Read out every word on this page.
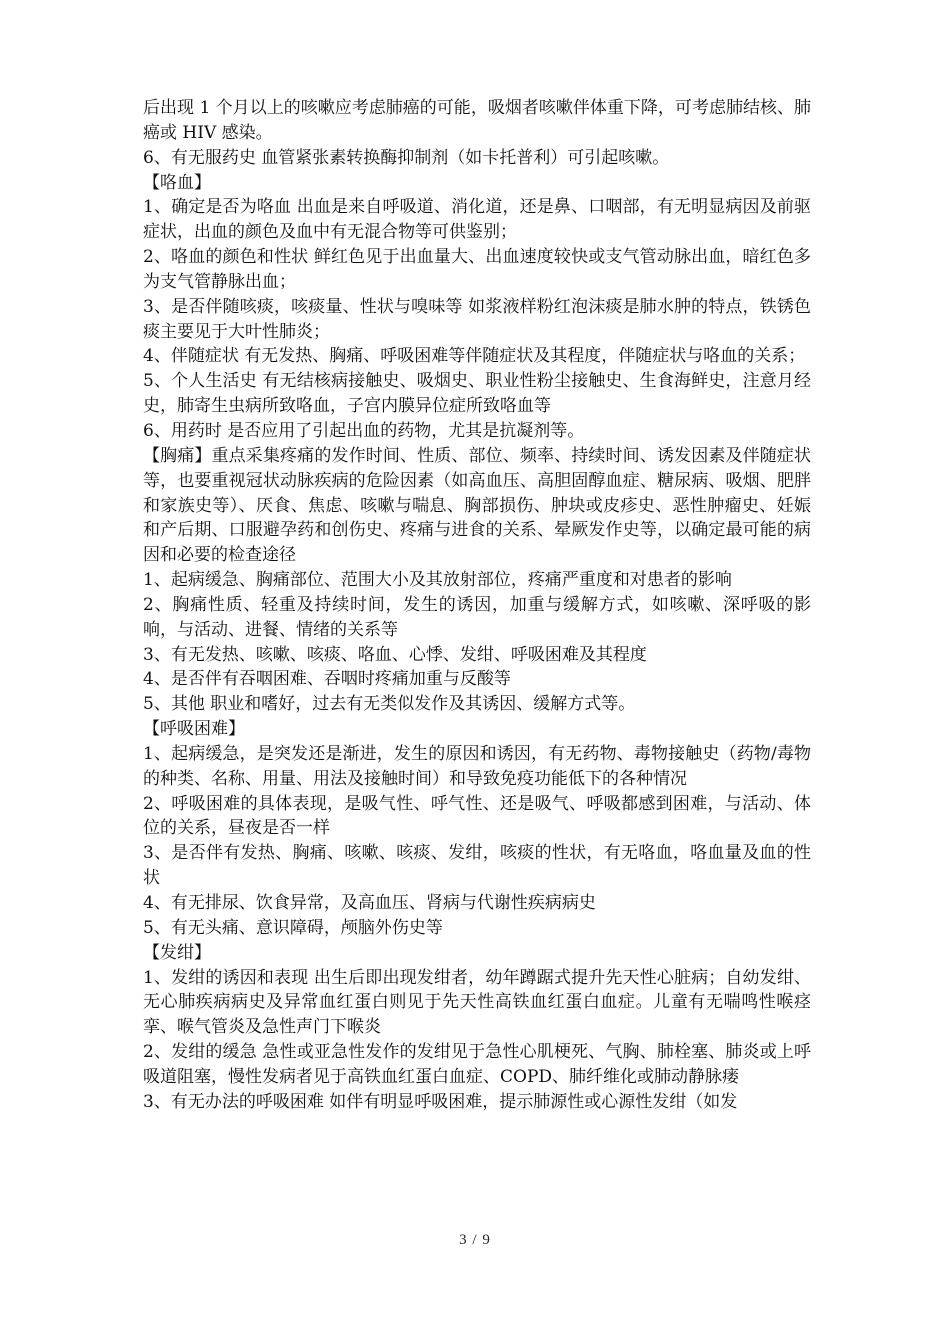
后出现 1 个月以上的咳嗽应考虑肺癌的可能，吸烟者咳嗽伴体重下降，可考虑肺结核、肺癌或 HIV 感染。

6、有无服药史 血管紧张素转换酶抑制剂（如卡托普利）可引起咳嗽。

【咯血】

1、确定是否为咯血 出血是来自呼吸道、消化道，还是鼻、口咽部，有无明显病因及前驱症状，出血的颜色及血中有无混合物等可供鉴别；

2、咯血的颜色和性状 鲜红色见于出血量大、出血速度较快或支气管动脉出血，暗红色多为支气管静脉出血；

3、是否伴随咳痰，咳痰量、性状与嗅味等 如浆液样粉红泡沫痰是肺水肿的特点，铁锈色痰主要见于大叶性肺炎；

4、伴随症状 有无发热、胸痛、呼吸困难等伴随症状及其程度，伴随症状与咯血的关系；

5、个人生活史 有无结核病接触史、吸烟史、职业性粉尘接触史、生食海鲜史，注意月经史，肺寄生虫病所致咯血，子宫内膜异位症所致咯血等

6、用药时 是否应用了引起出血的药物，尤其是抗凝剂等。

【胸痛】重点采集疼痛的发作时间、性质、部位、频率、持续时间、诱发因素及伴随症状等，也要重视冠状动脉疾病的危险因素（如高血压、高胆固醇血症、糖尿病、吸烟、肥胖和家族史等）、厌食、焦虑、咳嗽与喘息、胸部损伤、肿块或皮疹史、恶性肿瘤史、妊娠和产后期、口服避孕药和创伤史、疼痛与进食的关系、晕厥发作史等，以确定最可能的病因和必要的检查途径

1、起病缓急、胸痛部位、范围大小及其放射部位，疼痛严重度和对患者的影响

2、胸痛性质、轻重及持续时间，发生的诱因，加重与缓解方式，如咳嗽、深呼吸的影响，与活动、进餐、情绪的关系等

3、有无发热、咳嗽、咳痰、咯血、心悸、发绀、呼吸困难及其程度

4、是否伴有吞咽困难、吞咽时疼痛加重与反酸等

5、其他 职业和嗜好，过去有无类似发作及其诱因、缓解方式等。

【呼吸困难】

1、起病缓急，是突发还是渐进，发生的原因和诱因，有无药物、毒物接触史（药物/毒物的种类、名称、用量、用法及接触时间）和导致免疫功能低下的各种情况

2、呼吸困难的具体表现，是吸气性、呼气性、还是吸气、呼吸都感到困难，与活动、体位的关系，昼夜是否一样

3、是否伴有发热、胸痛、咳嗽、咳痰、发绀，咳痰的性状，有无咯血，咯血量及血的性状

4、有无排尿、饮食异常，及高血压、肾病与代谢性疾病病史

5、有无头痛、意识障碍，颅脑外伤史等

【发绀】

1、发绀的诱因和表现 出生后即出现发绀者，幼年蹲踞式提升先天性心脏病；自幼发绀、无心肺疾病病史及异常血红蛋白则见于先天性高铁血红蛋白血症。儿童有无喘鸣性喉痉挛、喉气管炎及急性声门下喉炎

2、发绀的缓急 急性或亚急性发作的发绀见于急性心肌梗死、气胸、肺栓塞、肺炎或上呼吸道阻塞，慢性发病者见于高铁血红蛋白血症、COPD、肺纤维化或肺动静脉瘘

3、有无办法的呼吸困难 如伴有明显呼吸困难，提示肺源性或心源性发绀（如发

3 / 9
